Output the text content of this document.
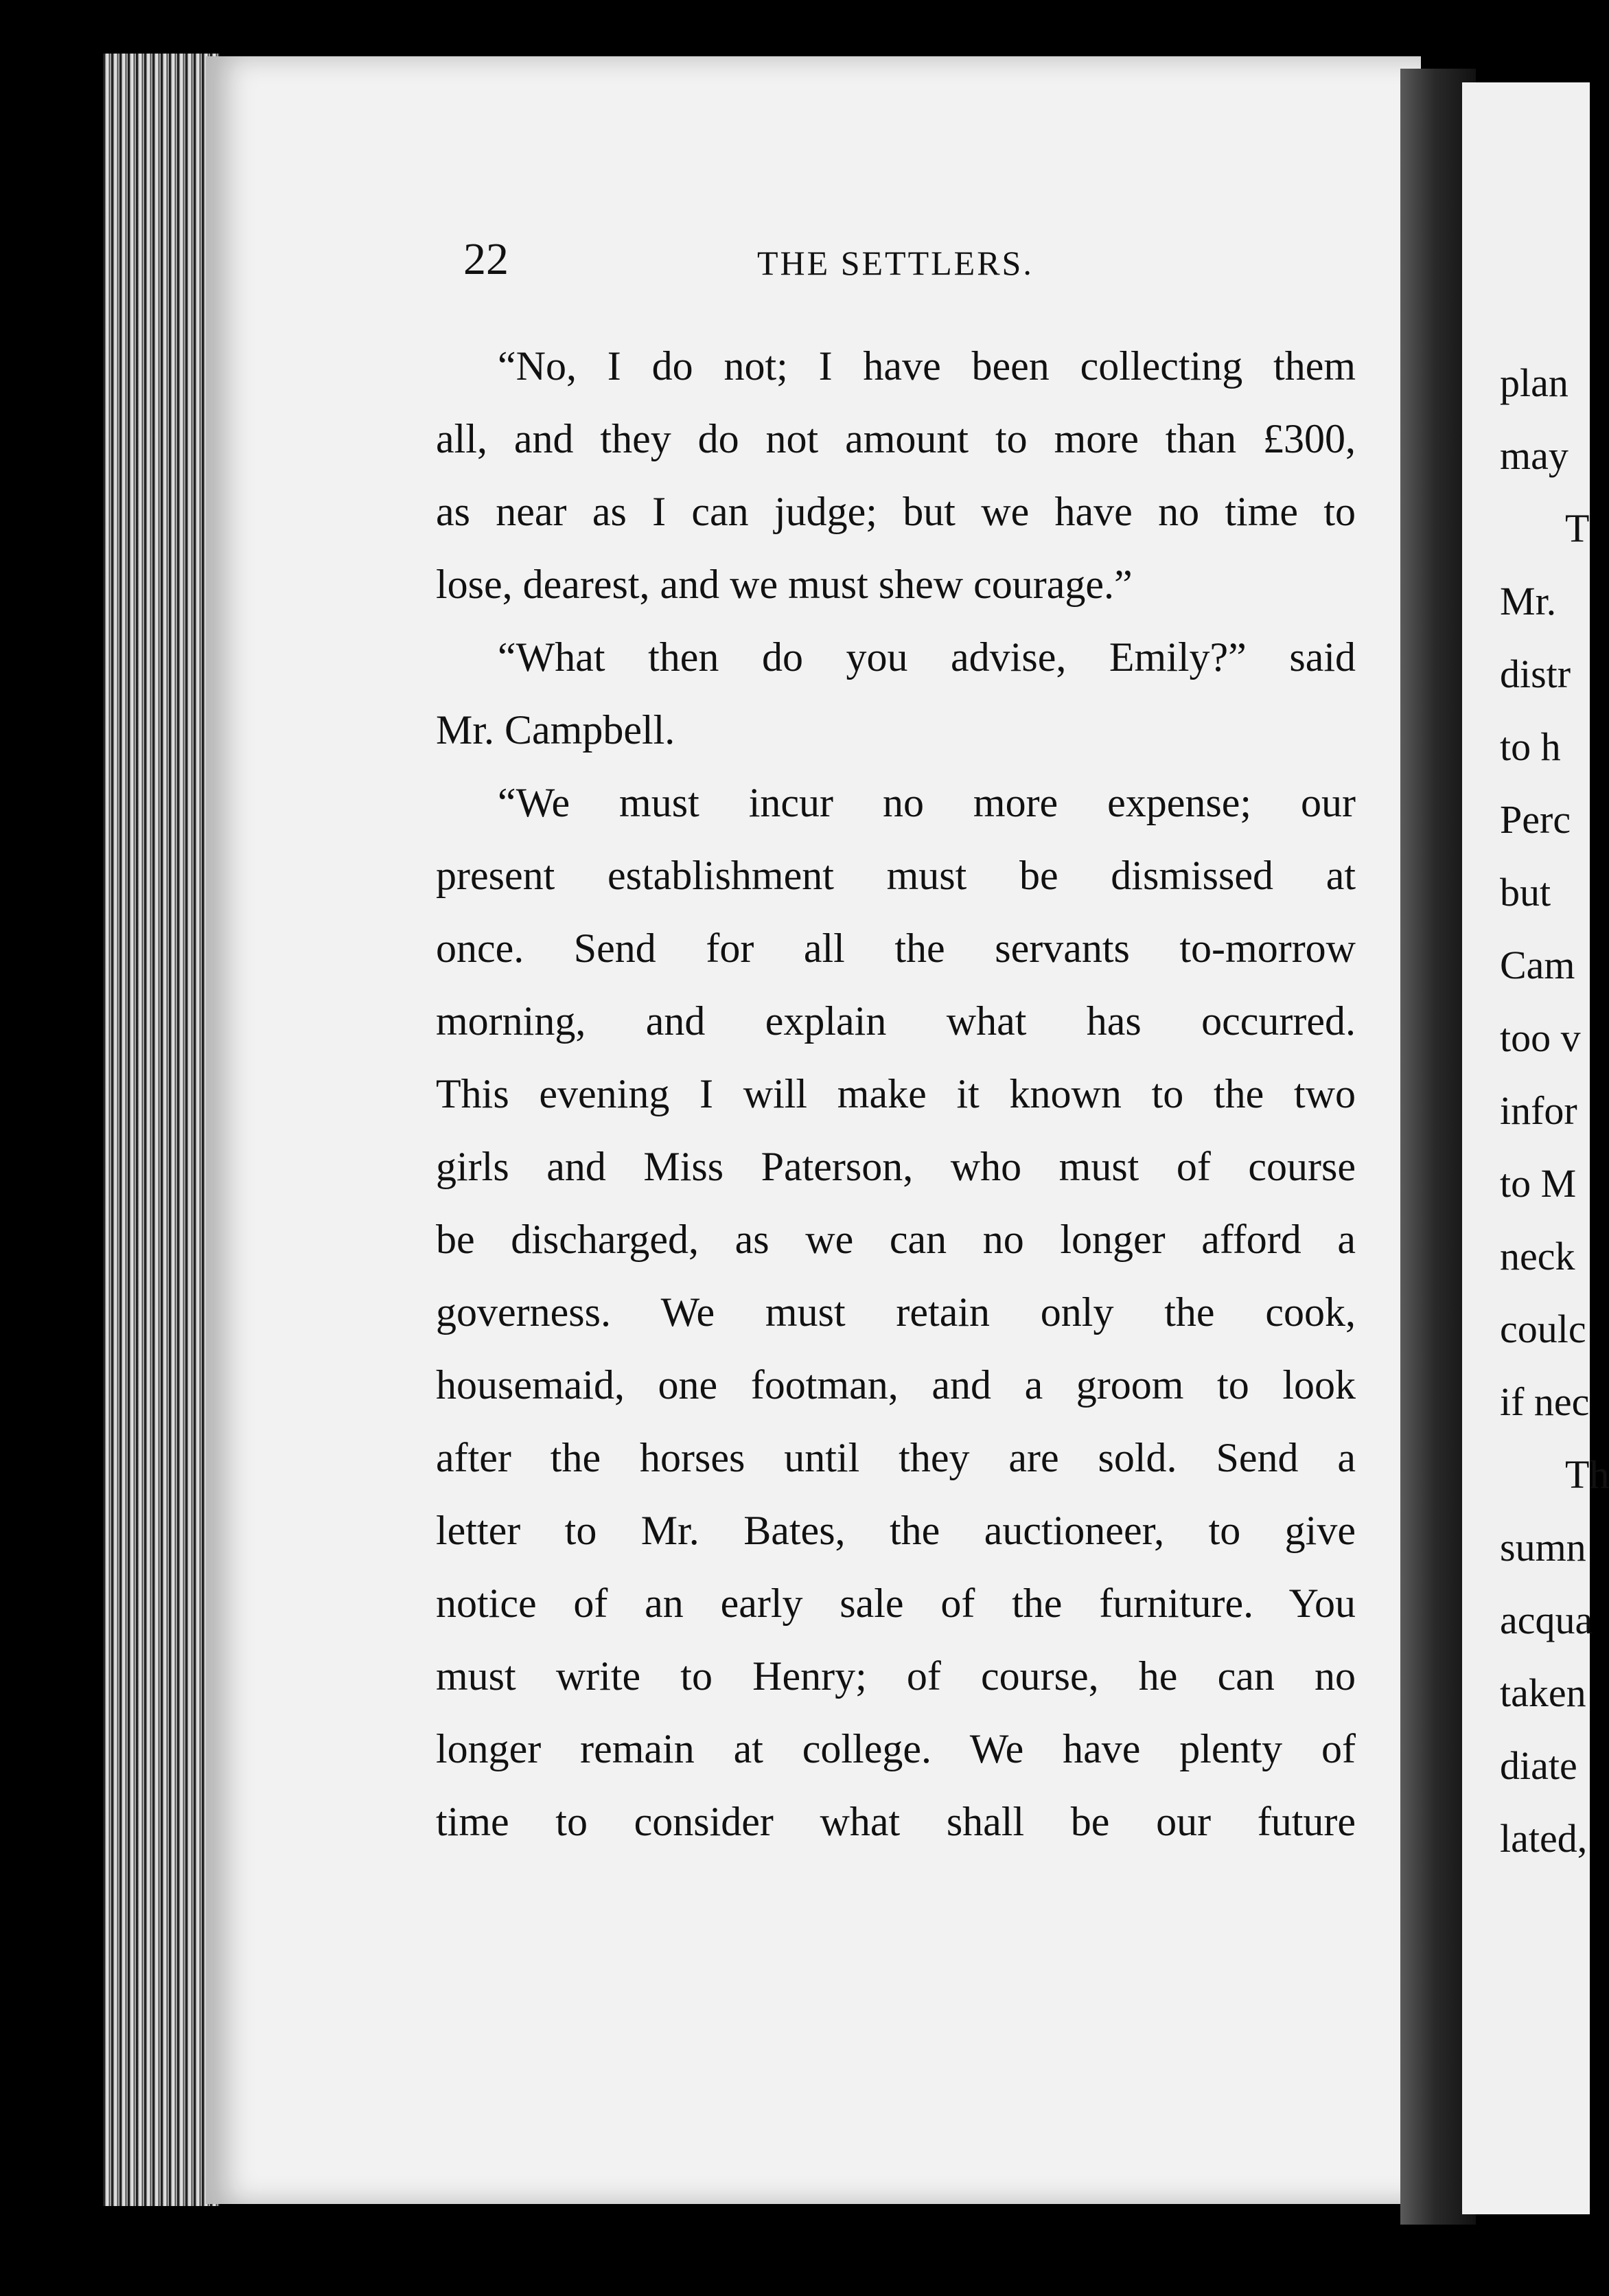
22	THE SETTLERS.
“No, I do not; I have been collecting them
all, and they do not amount to more than £300,
as near as I can judge; but we have no time to
lose, dearest, and we must shew courage.”
“What then do you advise, Emily?” said
Mr. Campbell.
“We must incur no more expense; our
present establishment must be dismissed at
once. Send for all the servants to-morrow
morning, and explain what has occurred.
This evening I will make it known to the two
girls and Miss Paterson, who must of course
be discharged, as we can no longer afford a
governess. We must retain only the cook,
housemaid, one footman, and a groom to look
after the horses until they are sold. Send a
letter to Mr. Bates, the auctioneer, to give
notice of an early sale of the furniture. You
must write to Henry; of course, he can no
longer remain at college. We have plenty of
time to consider what shall be our future
plan
may
T
Mr.
distr
to h
Perc
but
Cam
too v
infor
to M
neck
coulc
if nec
Th
sumn
acqua
taken
diate
lated,
